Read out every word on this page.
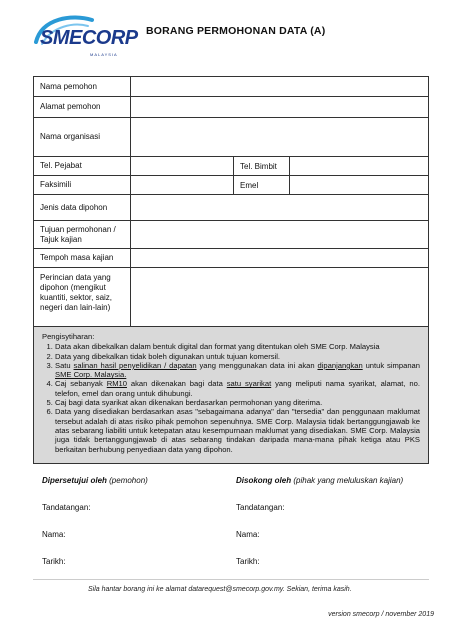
SMECORP
MALAYSIA
BORANG PERMOHONAN DATA (A)
Nama pemohon			
Alamat pemohon			
Nama organisasi			
Tel. Pejabat		Tel. Bimbit	
Faksimili		Emel	
Jenis data dipohon			
Tujuan permohonan / Tajuk kajian			
Tempoh masa kajian			
Perincian data yang dipohon (mengikut kuantiti, sektor, saiz, negeri dan lain-lain)			
Pengisytiharan:
1. Data akan dibekalkan dalam bentuk digital dan format yang ditentukan oleh SME Corp. Malaysia
2. Data yang dibekalkan tidak boleh digunakan untuk tujuan komersil.
3. Satu salinan hasil penyelidikan / dapatan yang menggunakan data ini akan dipanjangkan untuk simpanan SME Corp. Malaysia.
4. Caj sebanyak RM10 akan dikenakan bagi data satu syarikat yang meliputi nama syarikat, alamat, no. telefon, emel dan orang untuk dihubungi.
5. Caj bagi data syarikat akan dikenakan berdasarkan permohonan yang diterima.
6. Data yang disediakan berdasarkan asas "sebagaimana adanya" dan "tersedia" dan penggunaan maklumat tersebut adalah di atas risiko pihak pemohon sepenuhnya. SME Corp. Malaysia tidak bertanggungjawab ke atas sebarang liabiliti untuk ketepatan atau kesempurnaan maklumat yang disediakan. SME Corp. Malaysia juga tidak bertanggungjawab di atas sebarang tindakan daripada mana-mana pihak ketiga atau PKS berkaitan berhubung penyediaan data yang dipohon.
Dipersetujui oleh (pemohon)
Tandatangan:
Nama:
Tarikh:
Disokong oleh (pihak yang meluluskan kajian)
Tandatangan:
Nama:
Tarikh:
Sila hantar borang ini ke alamat datarequest@smecorp.gov.my. Sekian, terima kasih.
version smecorp / november 2019
